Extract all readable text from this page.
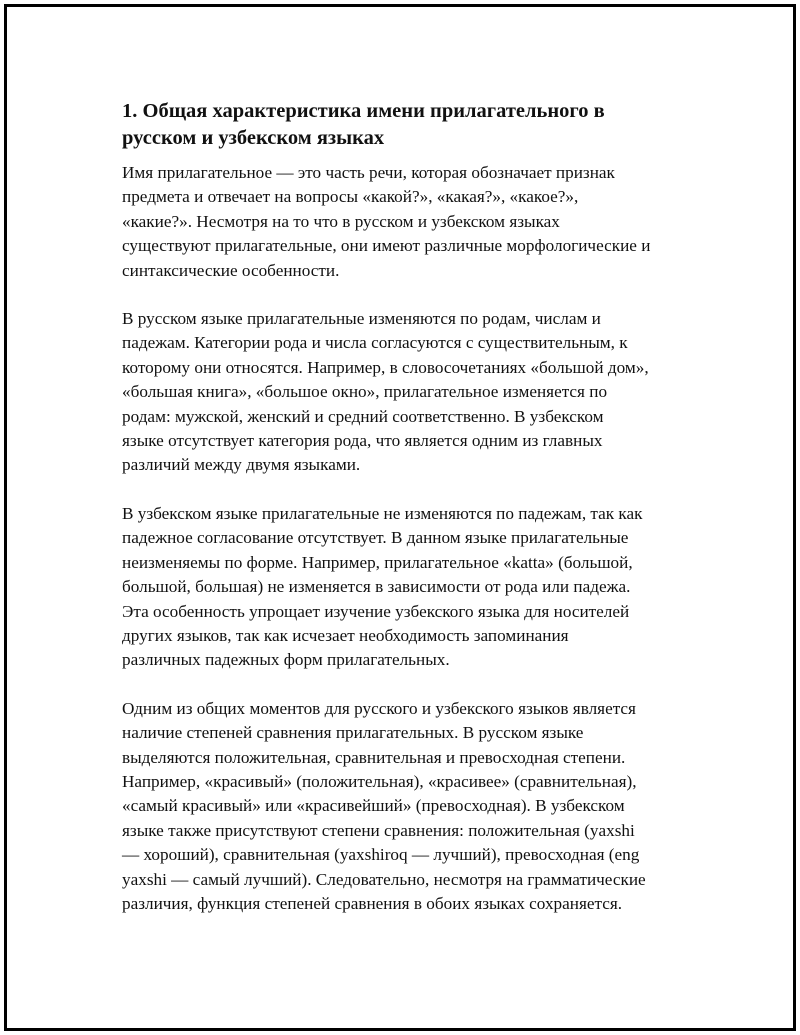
1. Общая характеристика имени прилагательного в
русском и узбекском языках

Имя прилагательное — это часть речи, которая обозначает признак
предмета и отвечает на вопросы «какой?», «какая?», «какое?»,
«какие?». Несмотря на то что в русском и узбекском языках
существуют прилагательные, они имеют различные морфологические и
синтаксические особенности.

В русском языке прилагательные изменяются по родам, числам и
падежам. Категории рода и числа согласуются с существительным, к
которому они относятся. Например, в словосочетаниях «большой дом»,
«большая книга», «большое окно», прилагательное изменяется по
родам: мужской, женский и средний соответственно. В узбекском
языке отсутствует категория рода, что является одним из главных
различий между двумя языками.

В узбекском языке прилагательные не изменяются по падежам, так как
падежное согласование отсутствует. В данном языке прилагательные
неизменяемы по форме. Например, прилагательное «katta» (большой,
большой, большая) не изменяется в зависимости от рода или падежа.
Эта особенность упрощает изучение узбекского языка для носителей
других языков, так как исчезает необходимость запоминания
различных падежных форм прилагательных.

Одним из общих моментов для русского и узбекского языков является
наличие степеней сравнения прилагательных. В русском языке
выделяются положительная, сравнительная и превосходная степени.
Например, «красивый» (положительная), «красивее» (сравнительная),
«самый красивый» или «красивейший» (превосходная). В узбекском
языке также присутствуют степени сравнения: положительная (yaxshi
— хороший), сравнительная (yaxshiroq — лучший), превосходная (eng
yaxshi — самый лучший). Следовательно, несмотря на грамматические
различия, функция степеней сравнения в обоих языках сохраняется.
